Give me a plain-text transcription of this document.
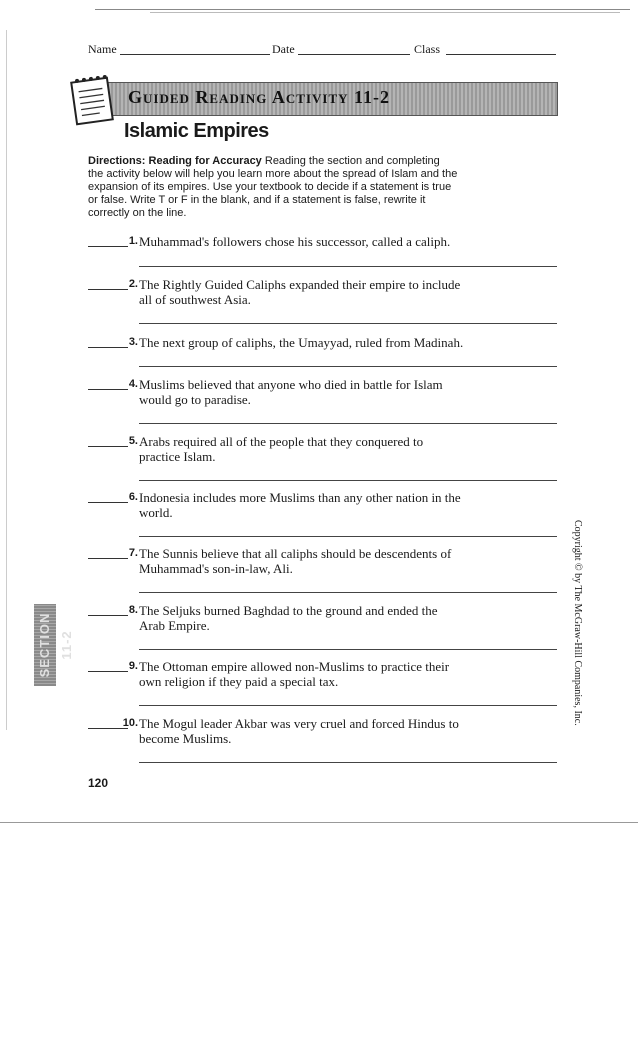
Name	Date	Class
Guided Reading Activity 11-2
Islamic Empires
Directions: Reading for Accuracy Reading the section and completing the activity below will help you learn more about the spread of Islam and the expansion of its empires. Use your textbook to decide if a statement is true or false. Write T or F in the blank, and if a statement is false, rewrite it correctly on the line.
1. Muhammad's followers chose his successor, called a caliph.
2. The Rightly Guided Caliphs expanded their empire to include all of southwest Asia.
3. The next group of caliphs, the Umayyad, ruled from Madinah.
4. Muslims believed that anyone who died in battle for Islam would go to paradise.
5. Arabs required all of the people that they conquered to practice Islam.
6. Indonesia includes more Muslims than any other nation in the world.
7. The Sunnis believe that all caliphs should be descendents of Muhammad's son-in-law, Ali.
8. The Seljuks burned Baghdad to the ground and ended the Arab Empire.
9. The Ottoman empire allowed non-Muslims to practice their own religion if they paid a special tax.
10. The Mogul leader Akbar was very cruel and forced Hindus to become Muslims.
120
SECTION 11-2	Copyright © by The McGraw-Hill Companies, Inc.
